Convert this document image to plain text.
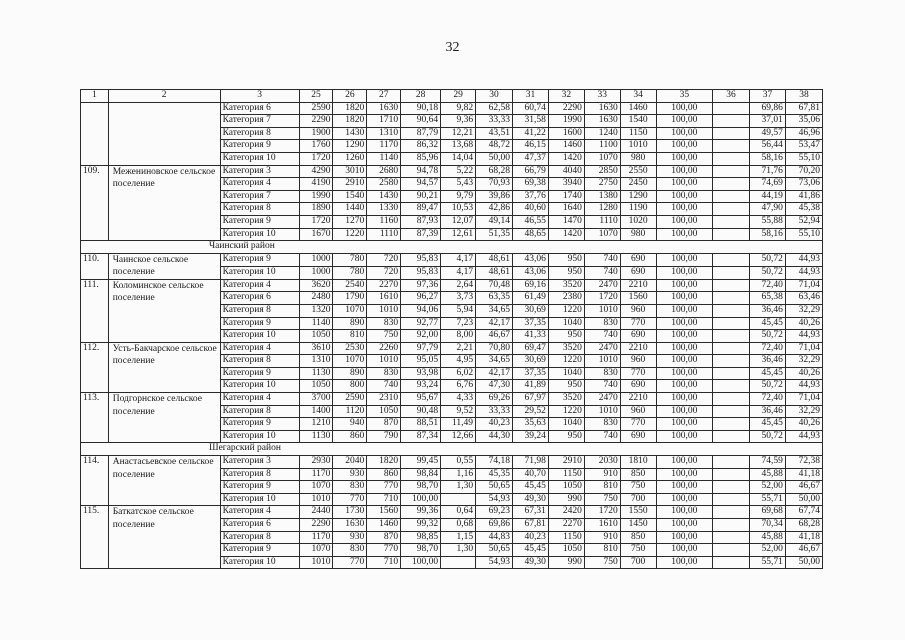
32
1	2	3	25	26	27	28	29	30	31	32	33	34	35	36	37	38
		Категория 6	2590	1820	1630	90,18	9,82	62,58	60,74	2290	1630	1460	100,00		69,86	67,81
		Категория 7	2290	1820	1710	90,64	9,36	33,33	31,58	1990	1630	1540	100,00		37,01	35,06
		Категория 8	1900	1430	1310	87,79	12,21	43,51	41,22	1600	1240	1150	100,00		49,57	46,96
		Категория 9	1760	1290	1170	86,32	13,68	48,72	46,15	1460	1100	1010	100,00		56,44	53,47
		Категория 10	1720	1260	1140	85,96	14,04	50,00	47,37	1420	1070	980	100,00		58,16	55,10
109.	Межениновское сельское поселение	Категория 3	4290	3010	2680	94,78	5,22	68,28	66,79	4040	2850	2550	100,00		71,76	70,20
		Категория 4	4190	2910	2580	94,57	5,43	70,93	69,38	3940	2750	2450	100,00		74,69	73,06
		Категория 7	1990	1540	1430	90,21	9,79	39,86	37,76	1740	1380	1290	100,00		44,19	41,86
		Категория 8	1890	1440	1330	89,47	10,53	42,86	40,60	1640	1280	1190	100,00		47,90	45,38
		Категория 9	1720	1270	1160	87,93	12,07	49,14	46,55	1470	1110	1020	100,00		55,88	52,94
		Категория 10	1670	1220	1110	87,39	12,61	51,35	48,65	1420	1070	980	100,00		58,16	55,10
Чаинский район																
110.	Чаинское сельское поселение	Категория 9	1000	780	720	95,83	4,17	48,61	43,06	950	740	690	100,00		50,72	44,93
		Категория 10	1000	780	720	95,83	4,17	48,61	43,06	950	740	690	100,00		50,72	44,93
111.	Коломинское сельское поселение	Категория 4	3620	2540	2270	97,36	2,64	70,48	69,16	3520	2470	2210	100,00		72,40	71,04
		Категория 6	2480	1790	1610	96,27	3,73	63,35	61,49	2380	1720	1560	100,00		65,38	63,46
		Категория 8	1320	1070	1010	94,06	5,94	34,65	30,69	1220	1010	960	100,00		36,46	32,29
		Категория 9	1140	890	830	92,77	7,23	42,17	37,35	1040	830	770	100,00		45,45	40,26
		Категория 10	1050	810	750	92,00	8,00	46,67	41,33	950	740	690	100,00		50,72	44,93
112.	Усть-Бакчарское сельское поселение	Категория 4	3610	2530	2260	97,79	2,21	70,80	69,47	3520	2470	2210	100,00		72,40	71,04
		Категория 8	1310	1070	1010	95,05	4,95	34,65	30,69	1220	1010	960	100,00		36,46	32,29
		Категория 9	1130	890	830	93,98	6,02	42,17	37,35	1040	830	770	100,00		45,45	40,26
		Категория 10	1050	800	740	93,24	6,76	47,30	41,89	950	740	690	100,00		50,72	44,93
113.	Подгорнское сельское поселение	Категория 4	3700	2590	2310	95,67	4,33	69,26	67,97	3520	2470	2210	100,00		72,40	71,04
		Категория 8	1400	1120	1050	90,48	9,52	33,33	29,52	1220	1010	960	100,00		36,46	32,29
		Категория 9	1210	940	870	88,51	11,49	40,23	35,63	1040	830	770	100,00		45,45	40,26
		Категория 10	1130	860	790	87,34	12,66	44,30	39,24	950	740	690	100,00		50,72	44,93
Шегарский район																
114.	Анастасьевское сельское поселение	Категория 3	2930	2040	1820	99,45	0,55	74,18	71,98	2910	2030	1810	100,00		74,59	72,38
		Категория 8	1170	930	860	98,84	1,16	45,35	40,70	1150	910	850	100,00		45,88	41,18
		Категория 9	1070	830	770	98,70	1,30	50,65	45,45	1050	810	750	100,00		52,00	46,67
		Категория 10	1010	770	710	100,00		54,93	49,30	990	750	700	100,00		55,71	50,00
115.	Баткатское сельское поселение	Категория 4	2440	1730	1560	99,36	0,64	69,23	67,31	2420	1720	1550	100,00		69,68	67,74
		Категория 6	2290	1630	1460	99,32	0,68	69,86	67,81	2270	1610	1450	100,00		70,34	68,28
		Категория 8	1170	930	870	98,85	1,15	44,83	40,23	1150	910	850	100,00		45,88	41,18
		Категория 9	1070	830	770	98,70	1,30	50,65	45,45	1050	810	750	100,00		52,00	46,67
		Категория 10	1010	770	710	100,00		54,93	49,30	990	750	700	100,00		55,71	50,00
